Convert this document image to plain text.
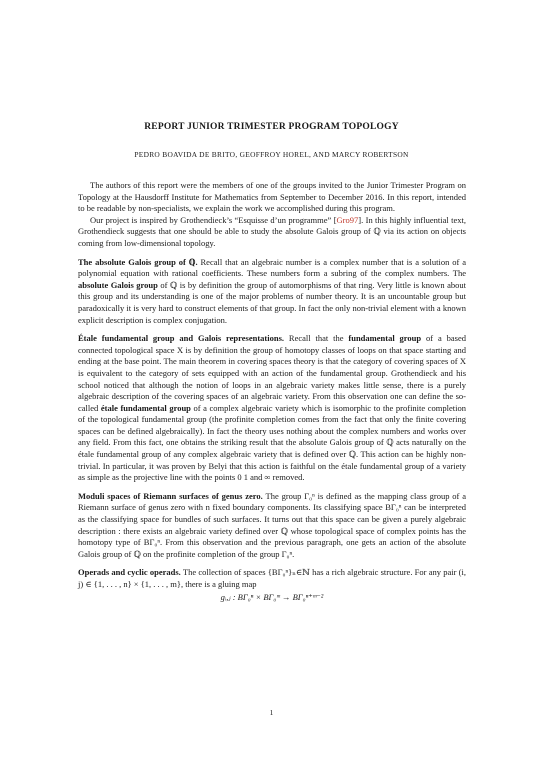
REPORT JUNIOR TRIMESTER PROGRAM TOPOLOGY
PEDRO BOAVIDA DE BRITO, GEOFFROY HOREL, AND MARCY ROBERTSON

The authors of this report were the members of one of the groups invited to the Junior Trimester Program on Topology at the Hausdorff Institute for Mathematics from September to December 2016. In this report, intended to be readable by non-specialists, we explain the work we accomplished during this program.

Our project is inspired by Grothendieck’s “Esquisse d’un programme” [Gro97]. In this highly influential text, Grothendieck suggests that one should be able to study the absolute Galois group of ℚ via its action on objects coming from low-dimensional topology.

The absolute Galois group of ℚ. Recall that an algebraic number is a complex number that is a solution of a polynomial equation with rational coefficients. These numbers form a subring of the complex numbers. The absolute Galois group of ℚ is by definition the group of automorphisms of that ring. Very little is known about this group and its understanding is one of the major problems of number theory. It is an uncountable group but paradoxically it is very hard to construct elements of that group. In fact the only non-trivial element with a known explicit description is complex conjugation.

Étale fundamental group and Galois representations. Recall that the fundamental group of a based connected topological space X is by definition the group of homotopy classes of loops on that space starting and ending at the base point. The main theorem in covering spaces theory is that the category of covering spaces of X is equivalent to the category of sets equipped with an action of the fundamental group. Grothendieck and his school noticed that although the notion of loops in an algebraic variety makes little sense, there is a purely algebraic description of the covering spaces of an algebraic variety. From this observation one can define the so-called étale fundamental group of a complex algebraic variety which is isomorphic to the profinite completion of the topological fundamental group (the profinite completion comes from the fact that only the finite covering spaces can be defined algebraically). In fact the theory uses nothing about the complex numbers and works over any field. From this fact, one obtains the striking result that the absolute Galois group of ℚ acts naturally on the étale fundamental group of any complex algebraic variety that is defined over ℚ. This action can be highly non-trivial. In particular, it was proven by Belyi that this action is faithful on the étale fundamental group of a variety as simple as the projective line with the points 0 1 and ∞ removed.

Moduli spaces of Riemann surfaces of genus zero. The group Γ₀ⁿ is defined as the mapping class group of a Riemann surface of genus zero with n fixed boundary components. Its classifying space BΓ₀ⁿ can be interpreted as the classifying space for bundles of such surfaces. It turns out that this space can be given a purely algebraic description : there exists an algebraic variety defined over ℚ whose topological space of complex points has the homotopy type of BΓ₀ⁿ. From this observation and the previous paragraph, one gets an action of the absolute Galois group of ℚ on the profinite completion of the group Γ₀ⁿ.

Operads and cyclic operads. The collection of spaces {BΓ₀ⁿ}ₙ∈ℕ has a rich algebraic structure. For any pair (i, j) ∈ {1, . . . , n} × {1, . . . , m}, there is a gluing map

gᵢ,ⱼ : BΓ₀ⁿ × BΓ₀ᵐ → BΓ₀ⁿ⁺ᵐ⁻²
1
